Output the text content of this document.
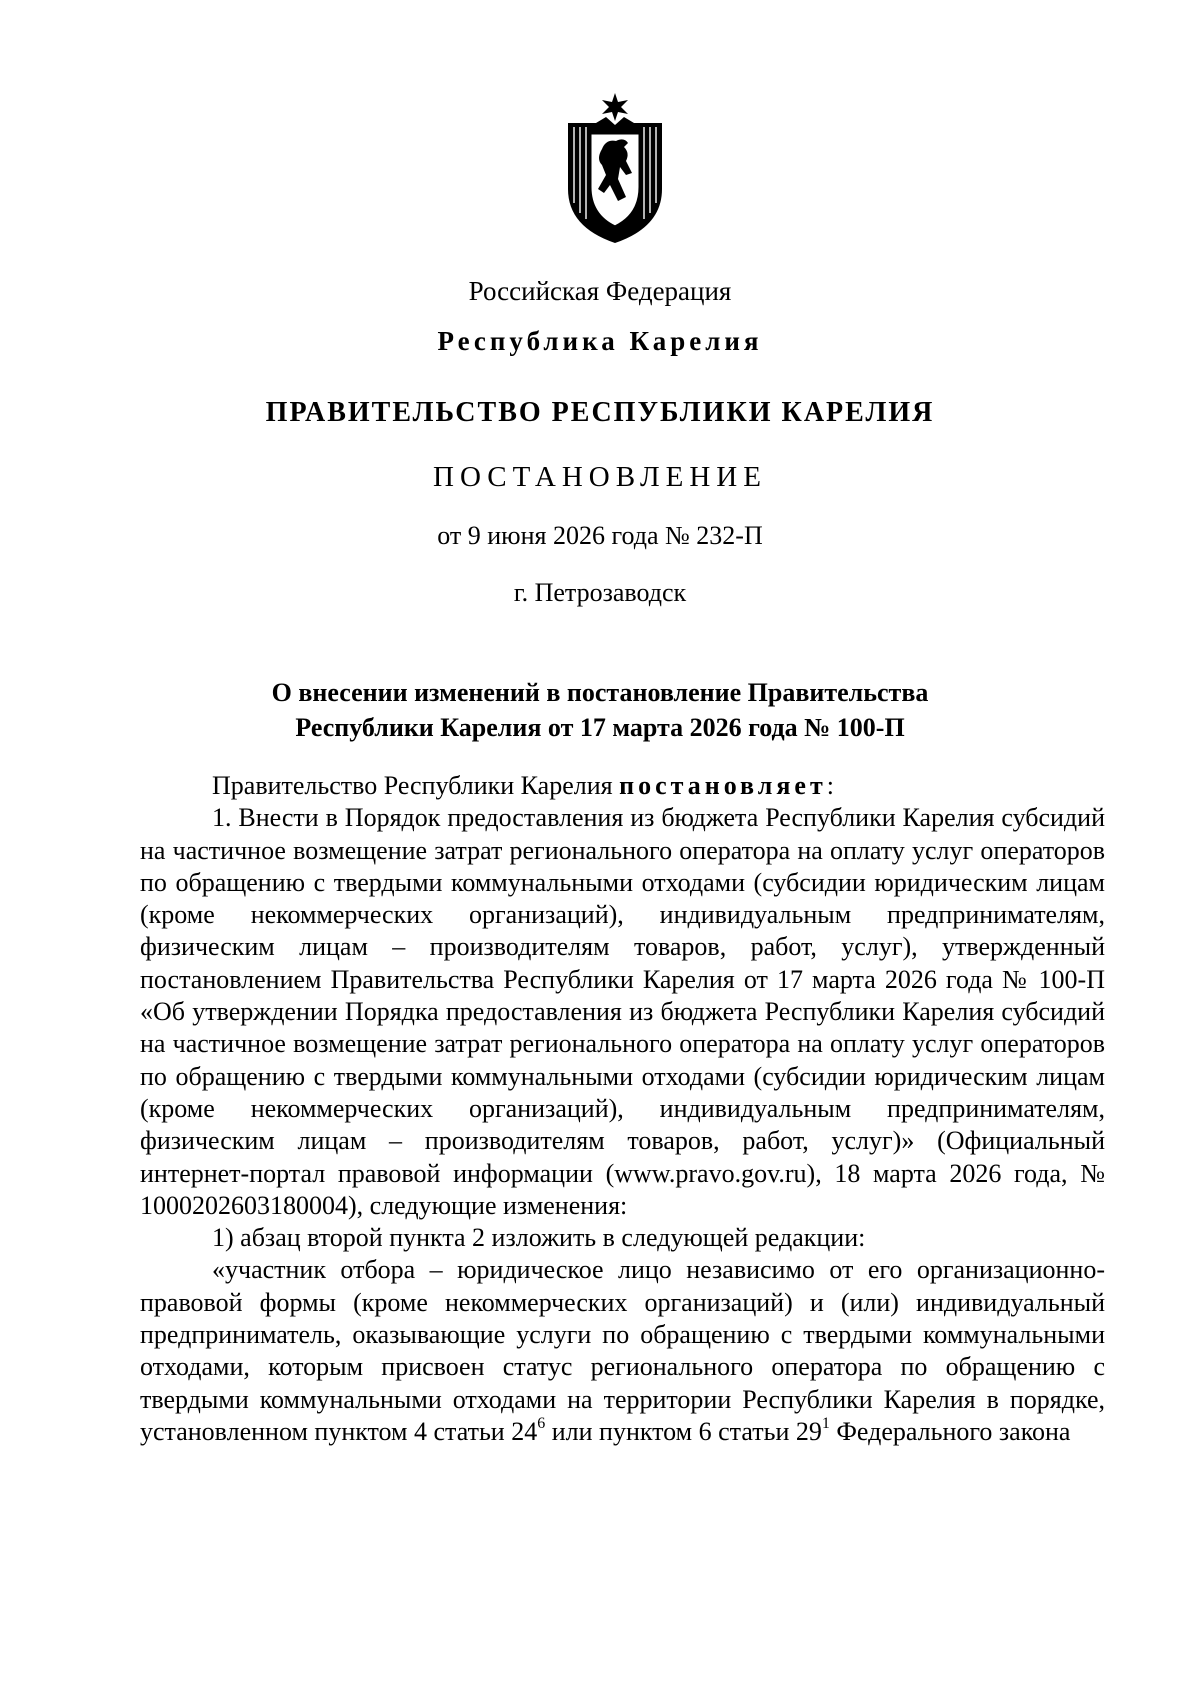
Российская Федерация

Республика Карелия

ПРАВИТЕЛЬСТВО РЕСПУБЛИКИ КАРЕЛИЯ

ПОСТАНОВЛЕНИЕ

от 9 июня 2026 года № 232-П

г. Петрозаводск

О внесении изменений в постановление Правительства
Республики Карелия от 17 марта 2026 года № 100-П

Правительство Республики Карелия постановляет:

1. Внести в Порядок предоставления из бюджета Республики Карелия субсидий на частичное возмещение затрат регионального оператора на оплату услуг операторов по обращению с твердыми коммунальными отходами (субсидии юридическим лицам (кроме некоммерческих организаций), индивидуальным предпринимателям, физическим лицам – производителям товаров, работ, услуг), утвержденный постановлением Правительства Республики Карелия от 17 марта 2026 года № 100-П «Об утверждении Порядка предоставления из бюджета Республики Карелия субсидий на частичное возмещение затрат регионального оператора на оплату услуг операторов по обращению с твердыми коммунальными отходами (субсидии юридическим лицам (кроме некоммерческих организаций), индивидуальным предпринимателям, физическим лицам – производителям товаров, работ, услуг)» (Официальный интернет-портал правовой информации (www.pravo.gov.ru), 18 марта 2026 года, № 1000202603180004), следующие изменения:

1) абзац второй пункта 2 изложить в следующей редакции:

«участник отбора – юридическое лицо независимо от его организационно-правовой формы (кроме некоммерческих организаций) и (или) индивидуальный предприниматель, оказывающие услуги по обращению с твердыми коммунальными отходами, которым присвоен статус регионального оператора по обращению с твердыми коммунальными отходами на территории Республики Карелия в порядке, установленном пунктом 4 статьи $24^6$ или пунктом 6 статьи $29^1$ Федерального закона
